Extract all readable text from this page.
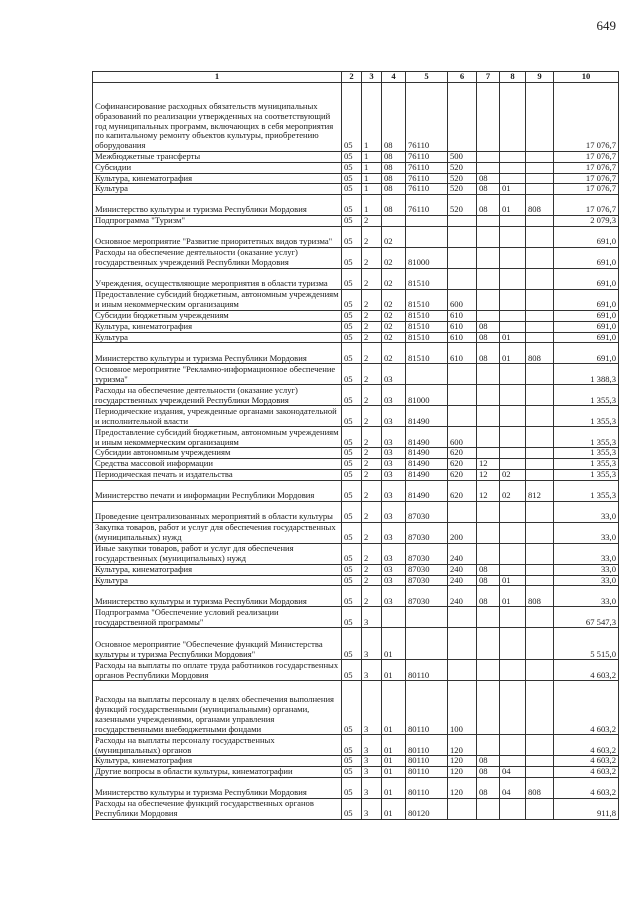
649
1	2	3	4	5	6	7	8	9	10
Софинансирование расходных обязательств муниципальных образований по реализации утвержденных на соответствующий год муниципальных программ, включающих в себя мероприятия по капитальному ремонту объектов культуры, приобретению оборудования	05	1	08	76110					17 076,7
Межбюджетные трансферты	05	1	08	76110	500				17 076,7
Субсидии	05	1	08	76110	520				17 076,7
Культура, кинематография	05	1	08	76110	520	08			17 076,7
Культура	05	1	08	76110	520	08	01		17 076,7
Министерство культуры и туризма Республики Мордовия	05	1	08	76110	520	08	01	808	17 076,7
Подпрограмма "Туризм"	05	2							2 079,3
Основное мероприятие "Развитие приоритетных видов туризма"	05	2	02						691,0
Расходы на обеспечение деятельности (оказание услуг) государственных учреждений Республики Мордовия	05	2	02	81000					691,0
Учреждения, осуществляющие мероприятия в области туризма	05	2	02	81510					691,0
Предоставление субсидий бюджетным, автономным учреждениям и иным некоммерческим организациям	05	2	02	81510	600				691,0
Субсидии бюджетным учреждениям	05	2	02	81510	610				691,0
Культура, кинематография	05	2	02	81510	610	08			691,0
Культура	05	2	02	81510	610	08	01		691,0
Министерство культуры и туризма Республики Мордовия	05	2	02	81510	610	08	01	808	691,0
Основное мероприятие "Рекламно-информационное обеспечение туризма"	05	2	03						1 388,3
Расходы на обеспечение деятельности (оказание услуг) государственных учреждений Республики Мордовия	05	2	03	81000					1 355,3
Периодические издания, учрежденные органами законодательной и исполнительной власти	05	2	03	81490					1 355,3
Предоставление субсидий бюджетным, автономным учреждениям и иным некоммерческим организациям	05	2	03	81490	600				1 355,3
Субсидии автономным учреждениям	05	2	03	81490	620				1 355,3
Средства массовой информации	05	2	03	81490	620	12			1 355,3
Периодическая печать и издательства	05	2	03	81490	620	12	02		1 355,3
Министерство печати и информации Республики Мордовия	05	2	03	81490	620	12	02	812	1 355,3
Проведение централизованных мероприятий в области культуры	05	2	03	87030					33,0
Закупка товаров, работ и услуг для обеспечения государственных (муниципальных) нужд	05	2	03	87030	200				33,0
Иные закупки товаров, работ и услуг для обеспечения государственных (муниципальных) нужд	05	2	03	87030	240				33,0
Культура, кинематография	05	2	03	87030	240	08			33,0
Культура	05	2	03	87030	240	08	01		33,0
Министерство культуры и туризма Республики Мордовия	05	2	03	87030	240	08	01	808	33,0
Подпрограмма "Обеспечение условий реализации государственной программы"	05	3							67 547,3
Основное мероприятие "Обеспечение функций Министерства культуры и туризма Республики Мордовия"	05	3	01						5 515,0
Расходы на выплаты по оплате труда работников государственных органов Республики Мордовия	05	3	01	80110					4 603,2
Расходы на выплаты персоналу в целях обеспечения выполнения функций государственными (муниципальными) органами, казенными учреждениями, органами управления государственными внебюджетными фондами	05	3	01	80110	100				4 603,2
Расходы на выплаты персоналу государственных (муниципальных) органов	05	3	01	80110	120				4 603,2
Культура, кинематография	05	3	01	80110	120	08			4 603,2
Другие вопросы в области культуры, кинематографии	05	3	01	80110	120	08	04		4 603,2
Министерство культуры и туризма Республики Мордовия	05	3	01	80110	120	08	04	808	4 603,2
Расходы на обеспечение функций государственных органов Республики Мордовия	05	3	01	80120					911,8
